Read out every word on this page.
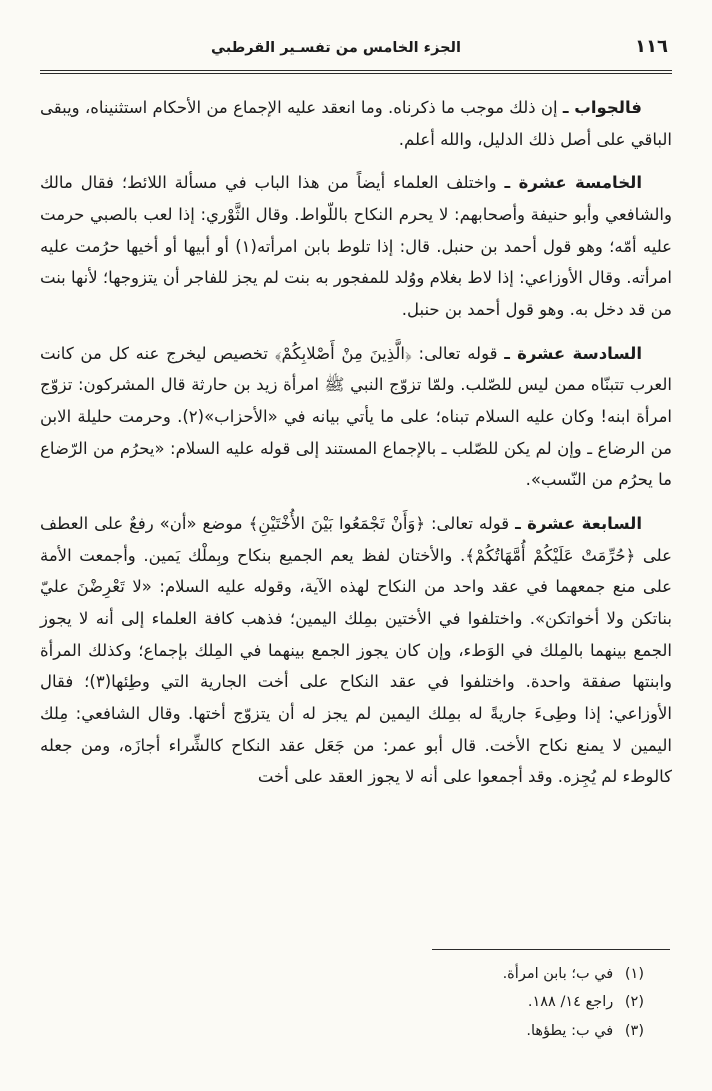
الجزء الخامس من تفسـير القرطبي	١١٦

فالجواب ـ إن ذلك موجب ما ذكرناه. وما انعقد عليه الإجماع من الأحكام استثنيناه، ويبقى الباقي على أصل ذلك الدليل، والله أعلم.

الخامسة عشرة ـ واختلف العلماء أيضاً من هذا الباب في مسألة اللائط؛ فقال مالك والشافعي وأبو حنيفة وأصحابهم: لا يحرم النكاح باللّواط. وقال الثَّوْري: إذا لعب بالصبي حرمت عليه أمّه؛ وهو قول أحمد بن حنبل. قال: إذا تلوط بابن امرأته(١) أو أبيها أو أخيها حرُمت عليه امرأته. وقال الأوزاعي: إذا لاط بغلام ووُلد للمفجور به بنت لم يجز للفاجر أن يتزوجها؛ لأنها بنت من قد دخل به. وهو قول أحمد بن حنبل.

السادسة عشرة ـ قوله تعالى: ﴿الَّذِينَ مِنْ أَصْلابِكُمْ﴾ تخصيص ليخرج عنه كل من كانت العرب تتبنّاه ممن ليس للصّلب. ولمّا تزوّج النبي ﷺ امرأة زيد بن حارثة قال المشركون: تزوّج امرأة ابنه! وكان عليه السلام تبناه؛ على ما يأتي بيانه في «الأحزاب»(٢). وحرمت حليلة الابن من الرضاع ـ وإن لم يكن للصّلب ـ بالإجماع المستند إلى قوله عليه السلام: «يحرُم من الرّضاع ما يحرُم من النّسب».

السابعة عشرة ـ قوله تعالى: ﴿وَأَنْ تَجْمَعُوا بَيْنَ الأُخْتَيْنِ﴾ موضع «أن» رفعٌ على العطف على ﴿حُرِّمَتْ عَلَيْكُمْ أُمَّهَاتُكُمْ﴾. والأختان لفظ يعم الجميع بنكاح وبِملْك يَمين. وأجمعت الأمة على منع جمعهما في عقد واحد من النكاح لهذه الآية، وقوله عليه السلام: «لا تَعْرِضْنَ عليّ بناتكن ولا أخواتكن». واختلفوا في الأختين بمِلك اليمين؛ فذهب كافة العلماء إلى أنه لا يجوز الجمع بينهما بالمِلك في الوَطء، وإن كان يجوز الجمع بينهما في المِلك بإجماع؛ وكذلك المرأة وابنتها صفقة واحدة. واختلفوا في عقد النكاح على أخت الجارية التي وطِئها(٣)؛ فقال الأوزاعي: إذا وطِىءَ جاريةً له بمِلك اليمين لم يجز له أن يتزوّج أختها. وقال الشافعي: مِلك اليمين لا يمنع نكاح الأخت. قال أبو عمر: من جَعَل عقد النكاح كالشِّراء أجازَه، ومن جعله كالوطء لم يُجِزه. وقد أجمعوا على أنه لا يجوز العقد على أخت

(١) في ب؛ بابن امرأة.
(٢) راجع ١٤/ ١٨٨.
(٣) في ب: يطؤها.
